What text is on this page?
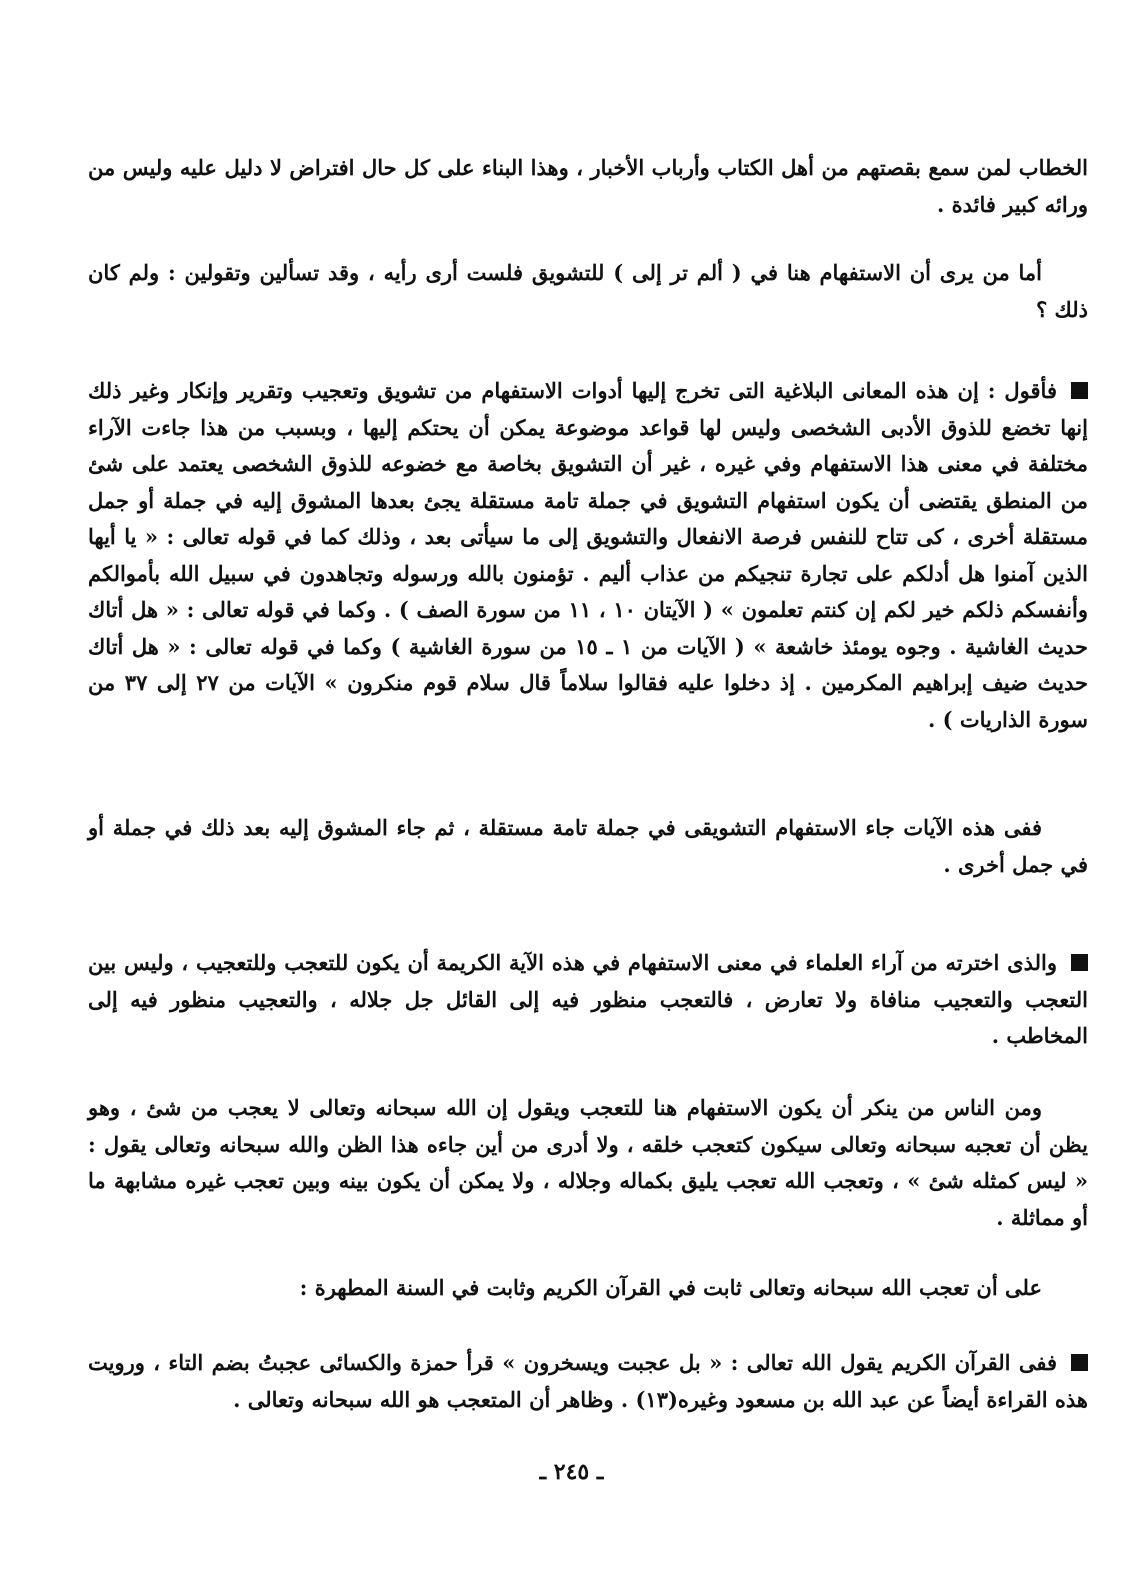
الخطاب لمن سمع بقصتهم من أهل الكتاب وأرباب الأخبار ، وهذا البناء على كل حال افتراض لا دليل عليه وليس من ورائه كبير فائدة .

أما من يرى أن الاستفهام هنا في ( ألم تر إلى ) للتشويق فلست أرى رأيه ، وقد تسألين وتقولين : ولم كان ذلك ؟

فأقول : إن هذه المعانى البلاغية التى تخرج إليها أدوات الاستفهام من تشويق وتعجيب وتقرير وإنكار وغير ذلك إنها تخضع للذوق الأدبى الشخصى وليس لها قواعد موضوعة يمكن أن يحتكم إليها ، وبسبب من هذا جاءت الآراء مختلفة في معنى هذا الاستفهام وفي غيره ، غير أن التشويق بخاصة مع خضوعه للذوق الشخصى يعتمد على شئ من المنطق يقتضى أن يكون استفهام التشويق في جملة تامة مستقلة يجئ بعدها المشوق إليه في جملة أو جمل مستقلة أخرى ، كى تتاح للنفس فرصة الانفعال والتشويق إلى ما سيأتى بعد ، وذلك كما في قوله تعالى : « يا أيها الذين آمنوا هل أدلكم على تجارة تنجيكم من عذاب أليم . تؤمنون بالله ورسوله وتجاهدون في سبيل الله بأموالكم وأنفسكم ذلكم خير لكم إن كنتم تعلمون » ( الآيتان ١٠ ، ١١ من سورة الصف ) . وكما في قوله تعالى : « هل أتاك حديث الغاشية . وجوه يومئذ خاشعة » ( الآيات من ١ ـ ١٥ من سورة الغاشية ) وكما في قوله تعالى : « هل أتاك حديث ضيف إبراهيم المكرمين . إذ دخلوا عليه فقالوا سلاماً قال سلام قوم منكرون » الآيات من ٢٧ إلى ٣٧ من سورة الذاريات ) .

ففى هذه الآيات جاء الاستفهام التشويقى في جملة تامة مستقلة ، ثم جاء المشوق إليه بعد ذلك في جملة أو في جمل أخرى .

والذى اخترته من آراء العلماء في معنى الاستفهام في هذه الآية الكريمة أن يكون للتعجب وللتعجيب ، وليس بين التعجب والتعجيب منافاة ولا تعارض ، فالتعجب منظور فيه إلى القائل جل جلاله ، والتعجيب منظور فيه إلى المخاطب .

ومن الناس من ينكر أن يكون الاستفهام هنا للتعجب ويقول إن الله سبحانه وتعالى لا يعجب من شئ ، وهو يظن أن تعجبه سبحانه وتعالى سيكون كتعجب خلقه ، ولا أدرى من أين جاءه هذا الظن والله سبحانه وتعالى يقول : « ليس كمثله شئ » ، وتعجب الله تعجب يليق بكماله وجلاله ، ولا يمكن أن يكون بينه وبين تعجب غيره مشابهة ما أو مماثلة .

على أن تعجب الله سبحانه وتعالى ثابت في القرآن الكريم وثابت في السنة المطهرة :

ففى القرآن الكريم يقول الله تعالى : « بل عجبت ويسخرون » قرأ حمزة والكسائى عجبتُ بضم التاء ، ورويت هذه القراءة أيضاً عن عبد الله بن مسعود وغيره(١٣) . وظاهر أن المتعجب هو الله سبحانه وتعالى .

ـ ٢٤٥ ـ
